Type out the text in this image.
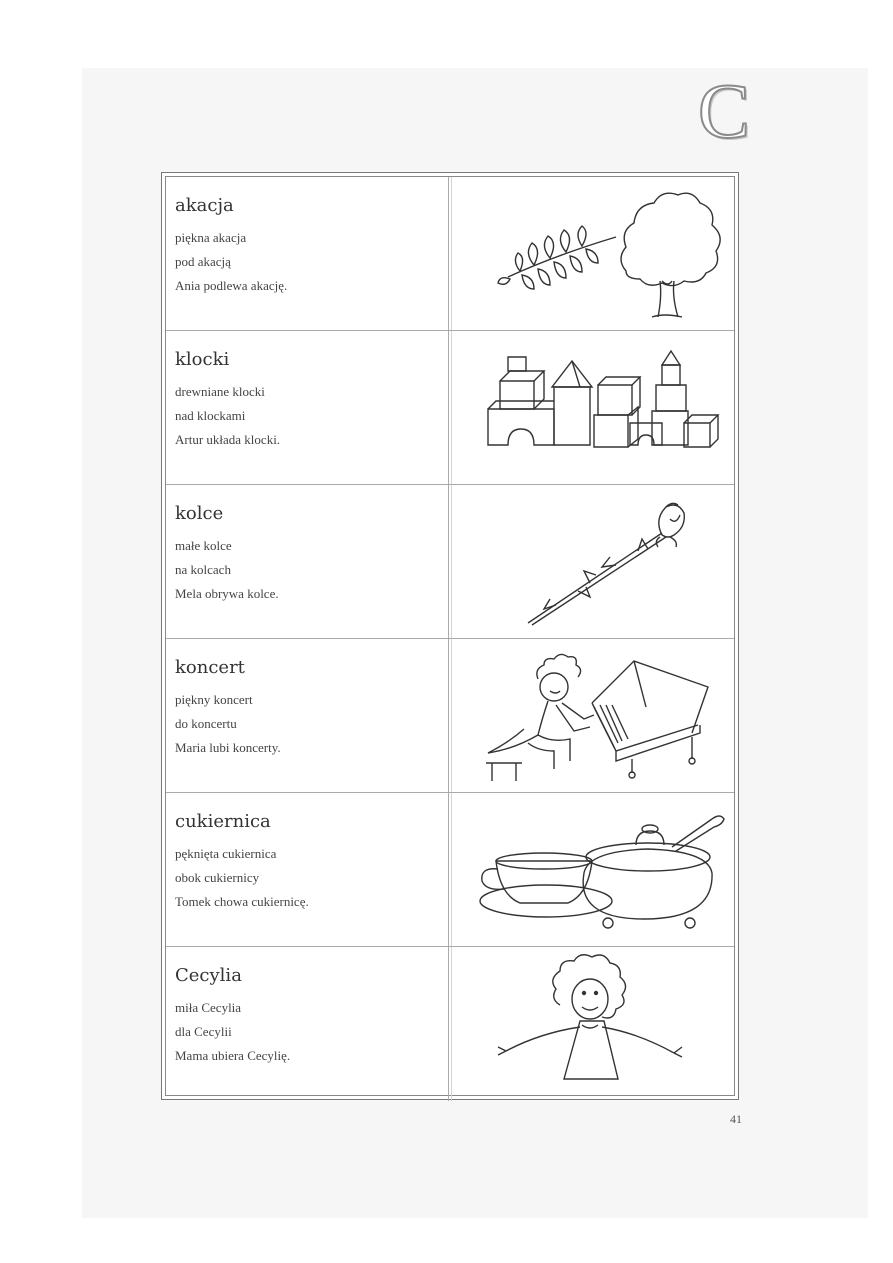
C
akacja
piękna akacja
pod akacją
Ania podlewa akację.
klocki
drewniane klocki
nad klockami
Artur układa klocki.
kolce
małe kolce
na kolcach
Mela obrywa kolce.
koncert
piękny koncert
do koncertu
Maria lubi koncerty.
cukiernica
pęknięta cukiernica
obok cukiernicy
Tomek chowa cukiernicę.
Cecylia
miła Cecylia
dla Cecylii
Mama ubiera Cecylię.
41
